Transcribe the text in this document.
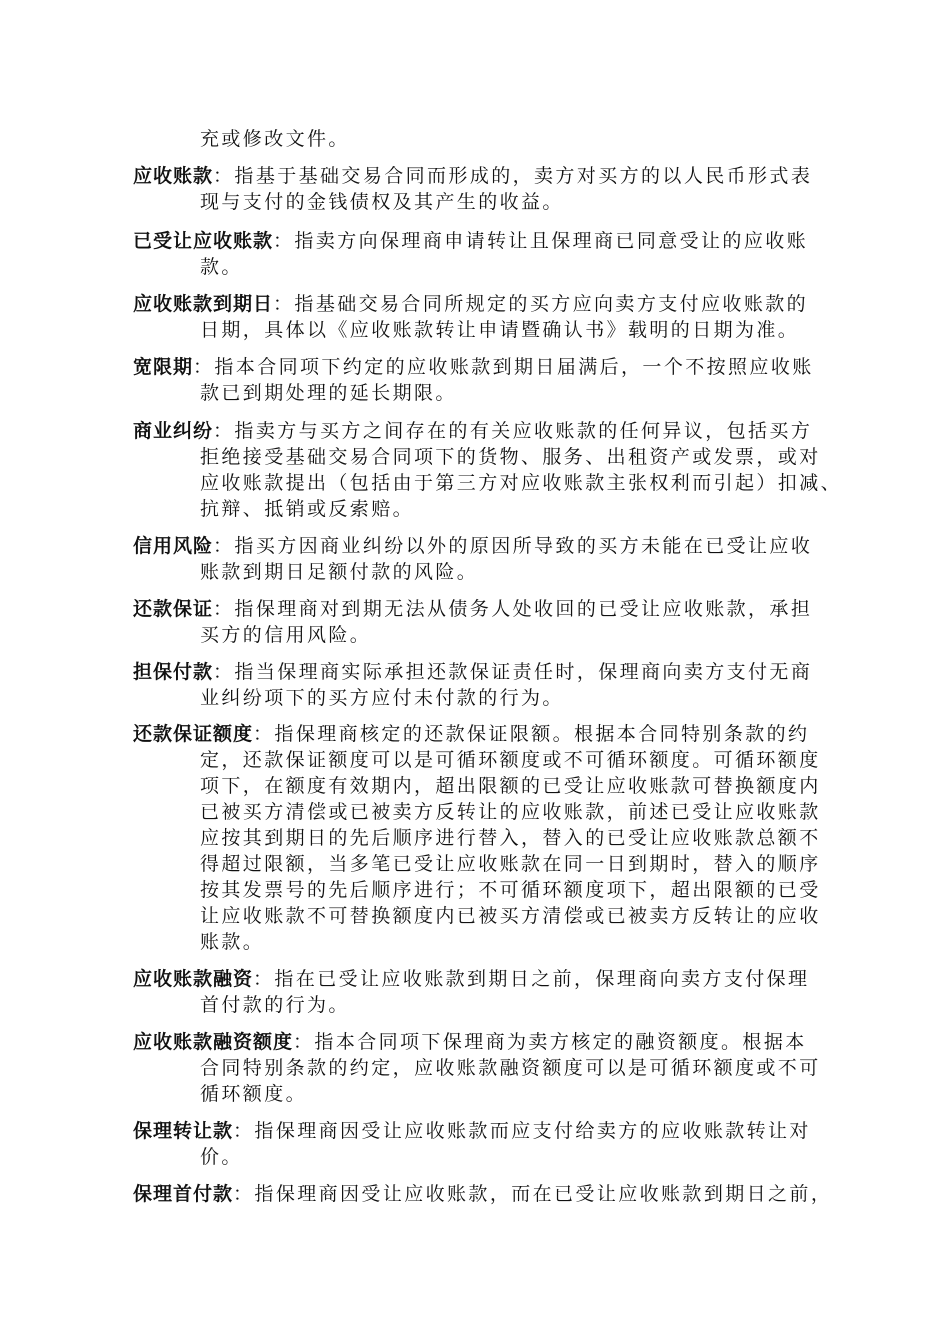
充或修改文件。
应收账款：指基于基础交易合同而形成的，卖方对买方的以人民币形式表
现与支付的金钱债权及其产生的收益。
已受让应收账款：指卖方向保理商申请转让且保理商已同意受让的应收账
款。
应收账款到期日：指基础交易合同所规定的买方应向卖方支付应收账款的
日期，具体以《应收账款转让申请暨确认书》载明的日期为准。
宽限期：指本合同项下约定的应收账款到期日届满后，一个不按照应收账
款已到期处理的延长期限。
商业纠纷：指卖方与买方之间存在的有关应收账款的任何异议，包括买方
拒绝接受基础交易合同项下的货物、服务、出租资产或发票，或对
应收账款提出（包括由于第三方对应收账款主张权利而引起）扣减、
抗辩、抵销或反索赔。
信用风险：指买方因商业纠纷以外的原因所导致的买方未能在已受让应收
账款到期日足额付款的风险。
还款保证：指保理商对到期无法从债务人处收回的已受让应收账款，承担
买方的信用风险。
担保付款：指当保理商实际承担还款保证责任时，保理商向卖方支付无商
业纠纷项下的买方应付未付款的行为。
还款保证额度：指保理商核定的还款保证限额。根据本合同特别条款的约
定，还款保证额度可以是可循环额度或不可循环额度。可循环额度
项下，在额度有效期内，超出限额的已受让应收账款可替换额度内
已被买方清偿或已被卖方反转让的应收账款，前述已受让应收账款
应按其到期日的先后顺序进行替入，替入的已受让应收账款总额不
得超过限额，当多笔已受让应收账款在同一日到期时，替入的顺序
按其发票号的先后顺序进行；不可循环额度项下，超出限额的已受
让应收账款不可替换额度内已被买方清偿或已被卖方反转让的应收
账款。
应收账款融资：指在已受让应收账款到期日之前，保理商向卖方支付保理
首付款的行为。
应收账款融资额度：指本合同项下保理商为卖方核定的融资额度。根据本
合同特别条款的约定，应收账款融资额度可以是可循环额度或不可
循环额度。
保理转让款：指保理商因受让应收账款而应支付给卖方的应收账款转让对
价。
保理首付款：指保理商因受让应收账款，而在已受让应收账款到期日之前，
